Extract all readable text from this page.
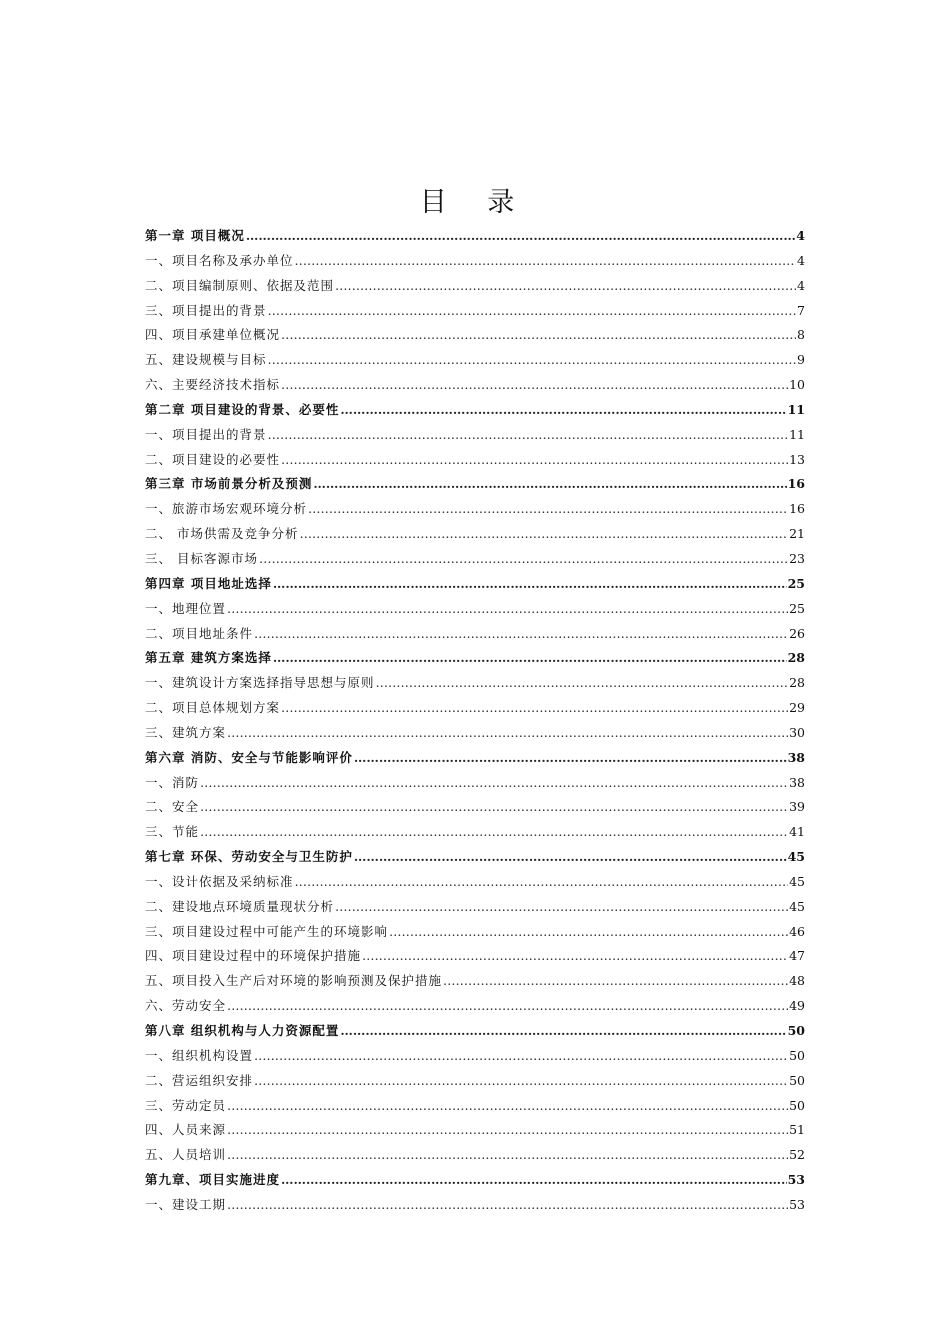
目 录
第一章 项目概况 …………………………………………………………………………………………………………………………………………………………………………………………………………………………	4
一、项目名称及承办单位 …………………………………………………………………………………………………………………………………………………………………………………………………………………………	4
二、项目编制原则、依据及范围 …………………………………………………………………………………………………………………………………………………………………………………………………………………………	4
三、项目提出的背景 …………………………………………………………………………………………………………………………………………………………………………………………………………………………	7
四、项目承建单位概况 …………………………………………………………………………………………………………………………………………………………………………………………………………………………	8
五、建设规模与目标 …………………………………………………………………………………………………………………………………………………………………………………………………………………………	9
六、主要经济技术指标 …………………………………………………………………………………………………………………………………………………………………………………………………………………………	10
第二章 项目建设的背景、必要性 …………………………………………………………………………………………………………………………………………………………………………………………………………………………	11
一、项目提出的背景 …………………………………………………………………………………………………………………………………………………………………………………………………………………………	11
二、项目建设的必要性 …………………………………………………………………………………………………………………………………………………………………………………………………………………………	13
第三章 市场前景分析及预测 …………………………………………………………………………………………………………………………………………………………………………………………………………………………	16
一、旅游市场宏观环境分析 …………………………………………………………………………………………………………………………………………………………………………………………………………………………	16
二、 市场供需及竞争分析 …………………………………………………………………………………………………………………………………………………………………………………………………………………………	21
三、 目标客源市场 …………………………………………………………………………………………………………………………………………………………………………………………………………………………	23
第四章 项目地址选择 …………………………………………………………………………………………………………………………………………………………………………………………………………………………	25
一、地理位置 …………………………………………………………………………………………………………………………………………………………………………………………………………………………	25
二、项目地址条件 …………………………………………………………………………………………………………………………………………………………………………………………………………………………	26
第五章 建筑方案选择 …………………………………………………………………………………………………………………………………………………………………………………………………………………………	28
一、建筑设计方案选择指导思想与原则 …………………………………………………………………………………………………………………………………………………………………………………………………………………………	28
二、项目总体规划方案 …………………………………………………………………………………………………………………………………………………………………………………………………………………………	29
三、建筑方案 …………………………………………………………………………………………………………………………………………………………………………………………………………………………	30
第六章 消防、安全与节能影响评价 …………………………………………………………………………………………………………………………………………………………………………………………………………………………	38
一、消防 …………………………………………………………………………………………………………………………………………………………………………………………………………………………	38
二、安全 …………………………………………………………………………………………………………………………………………………………………………………………………………………………	39
三、节能 …………………………………………………………………………………………………………………………………………………………………………………………………………………………	41
第七章 环保、劳动安全与卫生防护 …………………………………………………………………………………………………………………………………………………………………………………………………………………………	45
一、设计依据及采纳标准 …………………………………………………………………………………………………………………………………………………………………………………………………………………………	45
二、建设地点环境质量现状分析 …………………………………………………………………………………………………………………………………………………………………………………………………………………………	45
三、项目建设过程中可能产生的环境影响 …………………………………………………………………………………………………………………………………………………………………………………………………………………………	46
四、项目建设过程中的环境保护措施 …………………………………………………………………………………………………………………………………………………………………………………………………………………………	47
五、项目投入生产后对环境的影响预测及保护措施 …………………………………………………………………………………………………………………………………………………………………………………………………………………………	48
六、劳动安全 …………………………………………………………………………………………………………………………………………………………………………………………………………………………	49
第八章 组织机构与人力资源配置 …………………………………………………………………………………………………………………………………………………………………………………………………………………………	50
一、组织机构设置 …………………………………………………………………………………………………………………………………………………………………………………………………………………………	50
二、营运组织安排 …………………………………………………………………………………………………………………………………………………………………………………………………………………………	50
三、劳动定员 …………………………………………………………………………………………………………………………………………………………………………………………………………………………	50
四、人员来源 …………………………………………………………………………………………………………………………………………………………………………………………………………………………	51
五、人员培训 …………………………………………………………………………………………………………………………………………………………………………………………………………………………	52
第九章、项目实施进度 …………………………………………………………………………………………………………………………………………………………………………………………………………………………	53
一、建设工期 …………………………………………………………………………………………………………………………………………………………………………………………………………………………	53
